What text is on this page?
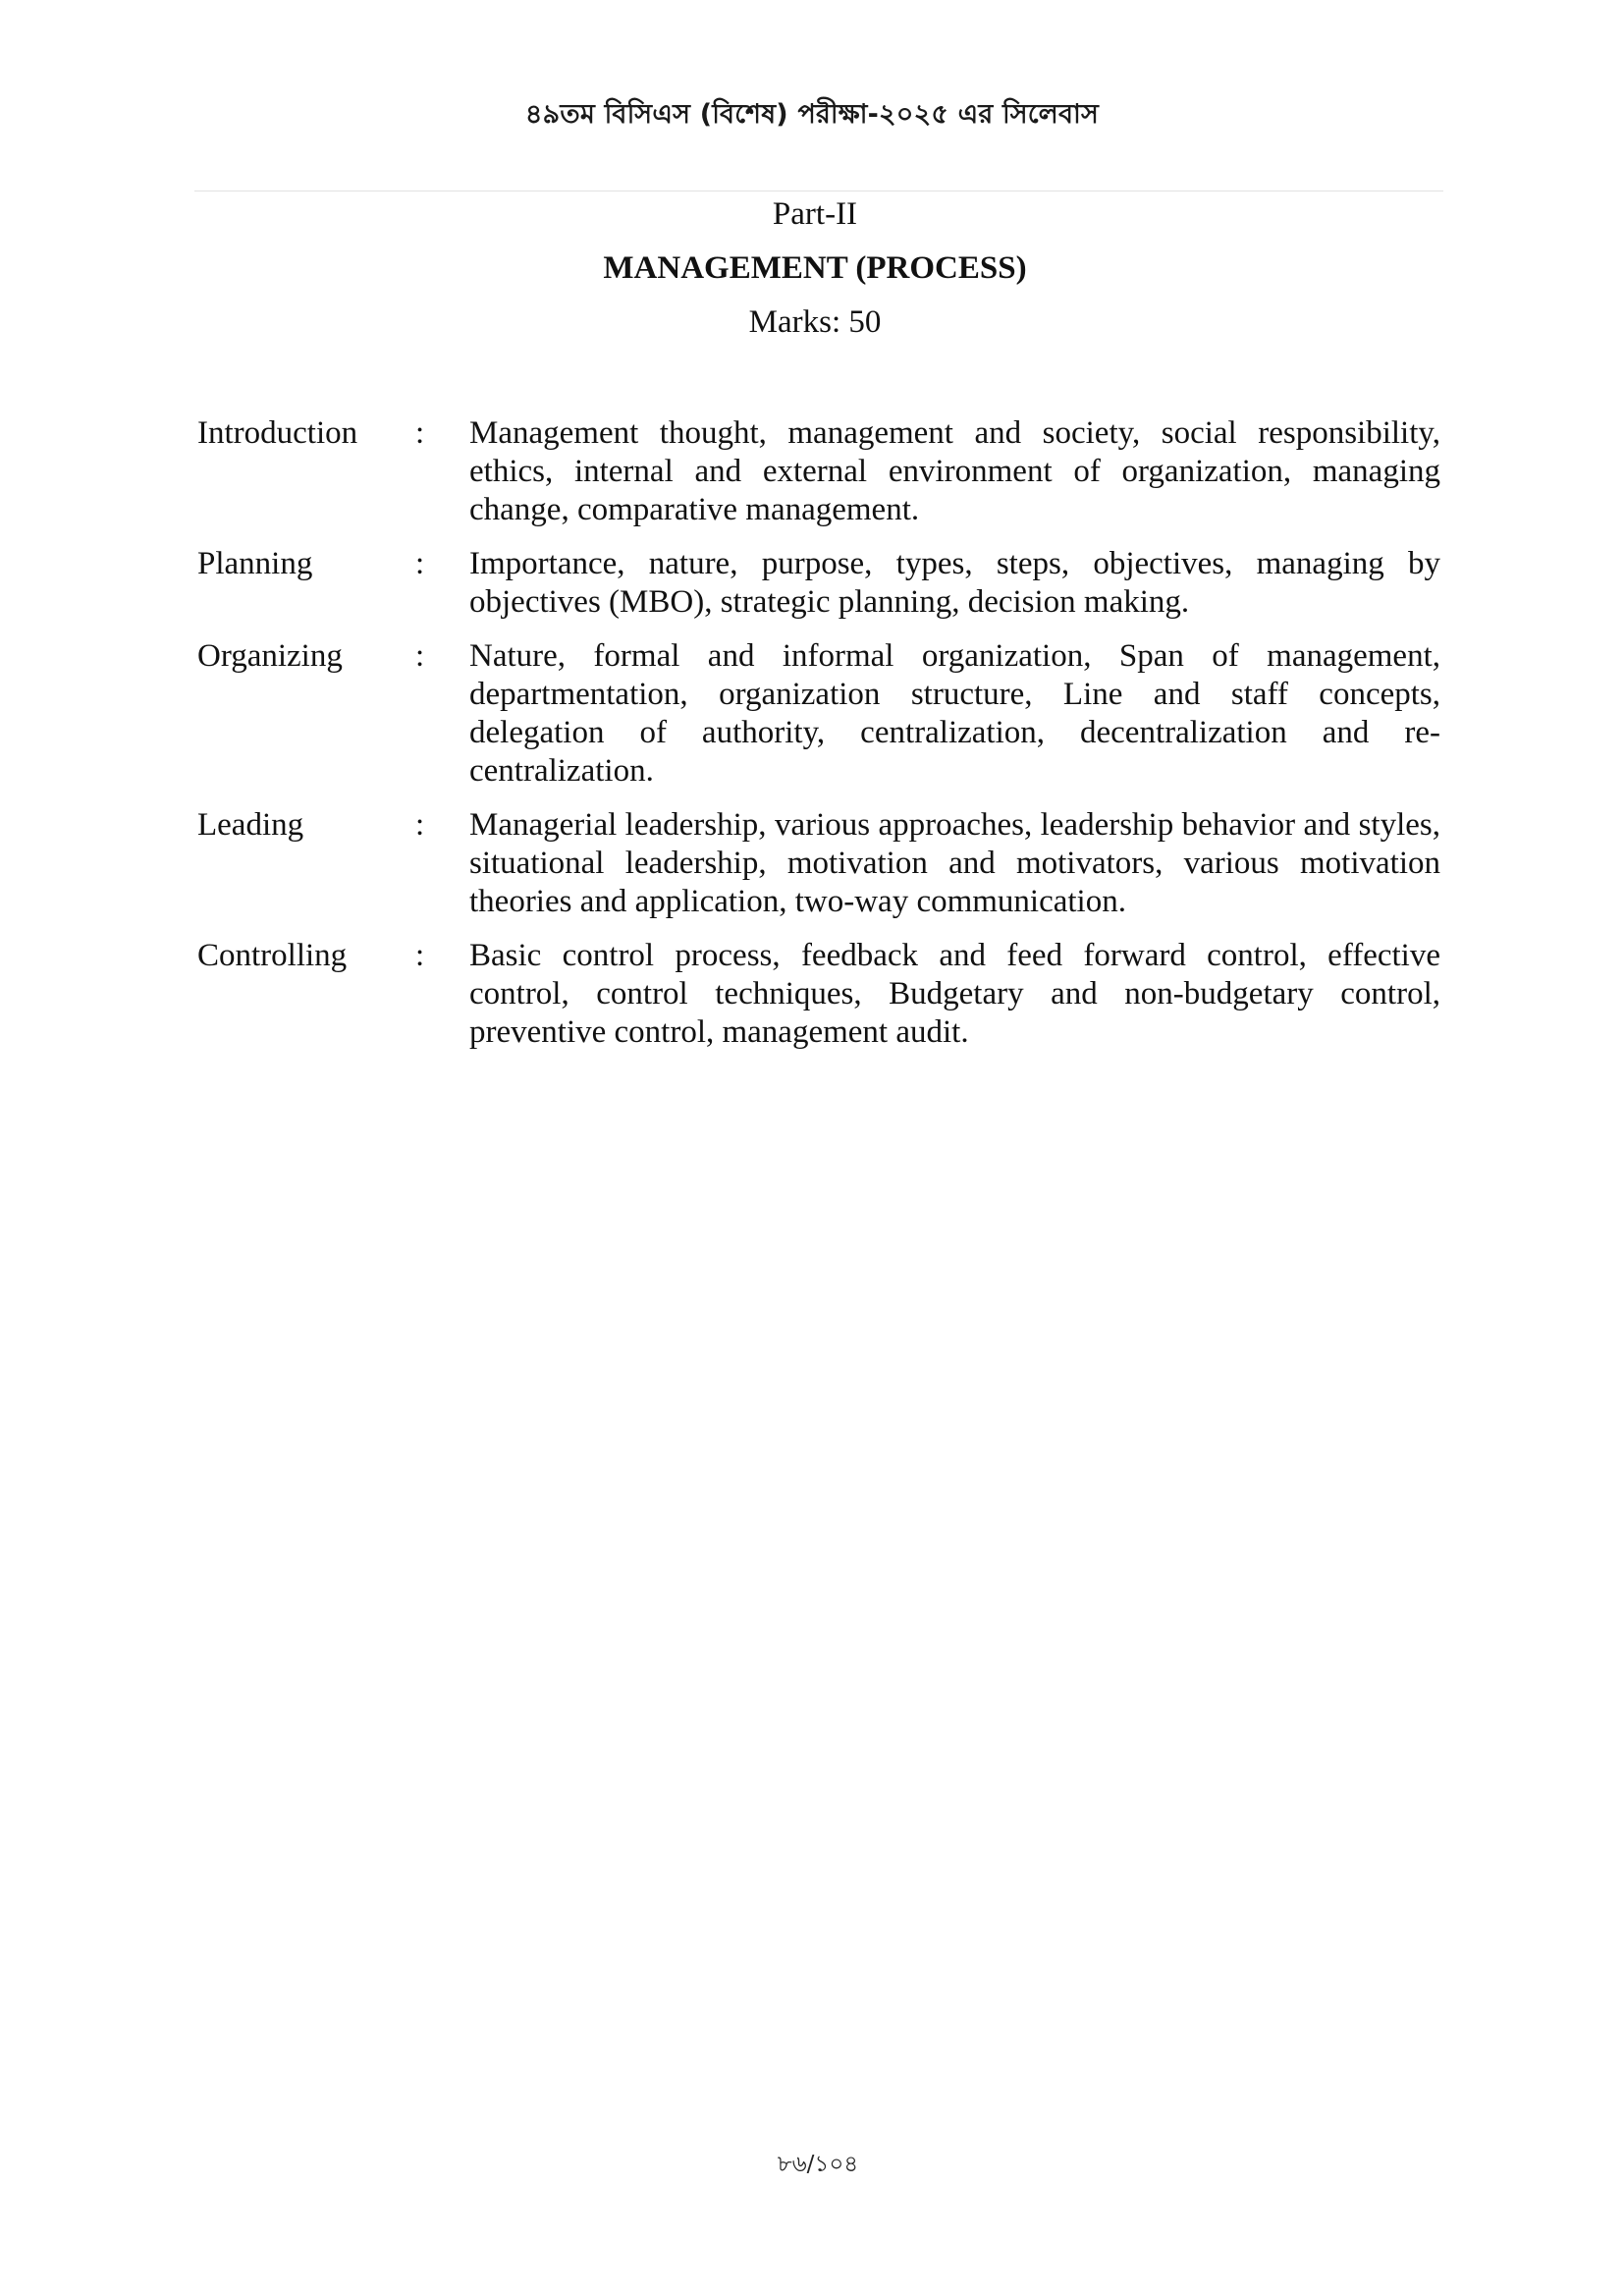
৪৯তম বিসিএস (বিশেষ) পরীক্ষা-২০২৫ এর সিলেবাস
Part-II
MANAGEMENT (PROCESS)
Marks: 50
Introduction	:	Management thought, management and society, social responsibility, ethics, internal and external environment of organization, managing change, comparative management.
Planning	:	Importance, nature, purpose, types, steps, objectives, managing by objectives (MBO), strategic planning, decision making.
Organizing	:	Nature, formal and informal organization, Span of management, departmentation, organization structure, Line and staff concepts, delegation of authority, centralization, decentralization and re-centralization.
Leading	:	Managerial leadership, various approaches, leadership behavior and styles, situational leadership, motivation and motivators, various motivation theories and application, two-way communication.
Controlling	:	Basic control process, feedback and feed forward control, effective control, control techniques, Budgetary and non-budgetary control, preventive control, management audit.
৮৬/১০৪
